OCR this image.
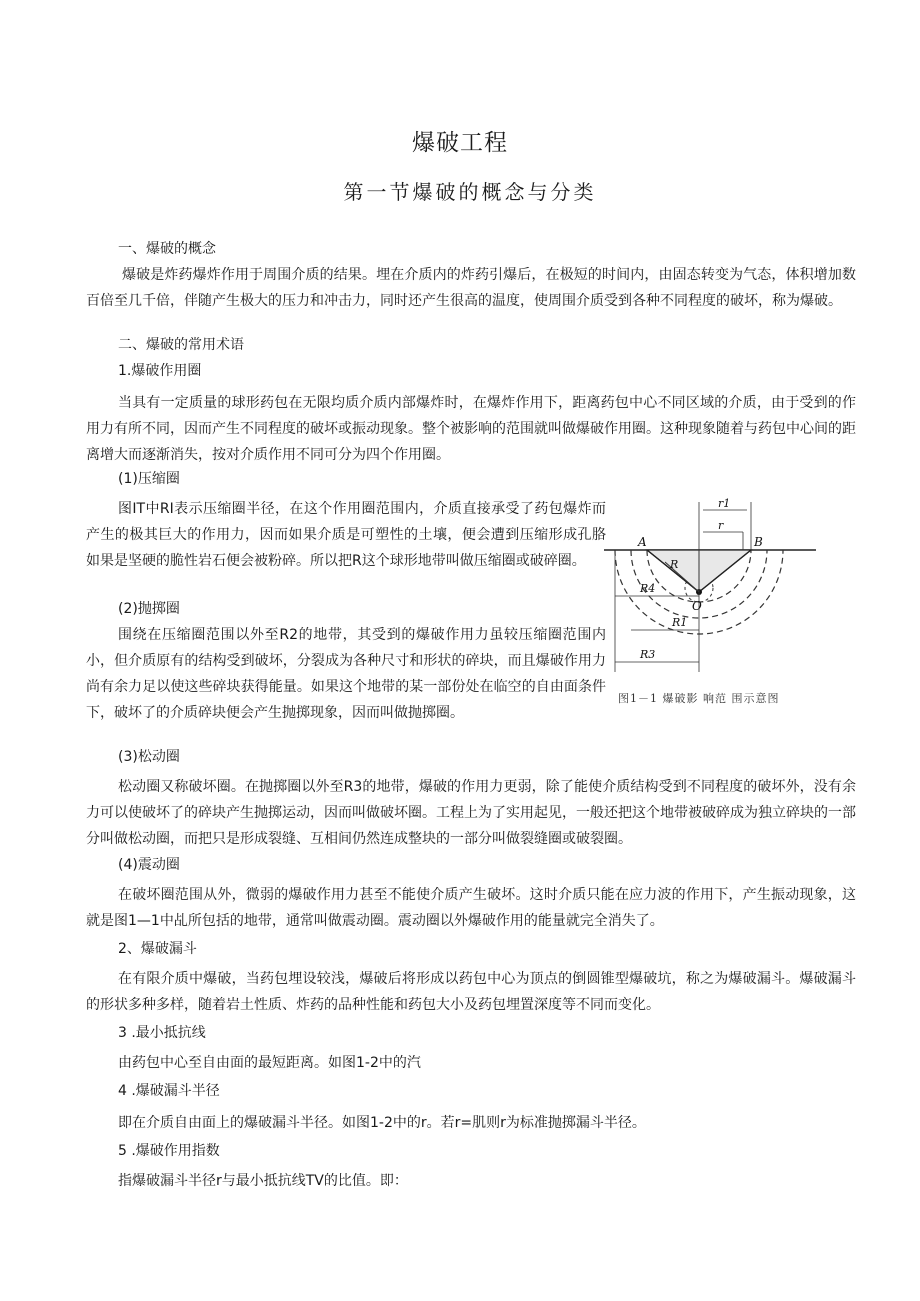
爆破工程
第一节爆破的概念与分类
一、爆破的概念
爆破是炸药爆炸作用于周围介质的结果。埋在介质内的炸药引爆后，在极短的时间内，由固态转变为气态，体积增加数百倍至几千倍，伴随产生极大的压力和冲击力，同时还产生很高的温度，使周围介质受到各种不同程度的破坏，称为爆破。
二、爆破的常用术语
1.爆破作用圈
当具有一定质量的球形药包在无限均质介质内部爆炸时，在爆炸作用下，距离药包中心不同区域的介质，由于受到的作用力有所不同，因而产生不同程度的破坏或振动现象。整个被影响的范围就叫做爆破作用圈。这种现象随着与药包中心间的距离增大而逐渐消失，按对介质作用不同可分为四个作用圈。
(1)压缩圈
图IT中RI表示压缩圈半径，在这个作用圈范围内，介质直接承受了药包爆炸而产生的极其巨大的作用力，因而如果介质是可塑性的土壤，便会遭到压缩形成孔胳 如果是坚硬的脆性岩石便会被粉碎。所以把R这个球形地带叫做压缩圈或破碎圈。
(2)抛掷圈
围绕在压缩圈范围以外至R2的地带，其受到的爆破作用力虽较压缩圈范围内小，但介质原有的结构受到破坏，分裂成为各种尺寸和形状的碎块，而且爆破作用力尚有余力足以使这些碎块获得能量。如果这个地带的某一部份处在临空的自由面条件下，破坏了的介质碎块便会产生抛掷现象，因而叫做抛掷圈。
(3)松动圈
松动圈又称破坏圈。在抛掷圈以外至R3的地带，爆破的作用力更弱，除了能使介质结构受到不同程度的破坏外，没有余力可以使破坏了的碎块产生抛掷运动，因而叫做破坏圈。工程上为了实用起见，一般还把这个地带被破碎成为独立碎块的一部分叫做松动圈，而把只是形成裂缝、互相间仍然连成整块的一部分叫做裂缝圈或破裂圈。
(4)震动圈
在破坏圈范围从外，微弱的爆破作用力甚至不能使介质产生破坏。这时介质只能在应力波的作用下，产生振动现象，这就是图1—1中乩所包括的地带，通常叫做震动圈。震动圈以外爆破作用的能量就完全消失了。
2、爆破漏斗
在有限介质中爆破，当药包埋设较浅，爆破后将形成以药包中心为顶点的倒圆锥型爆破坑，称之为爆破漏斗。爆破漏斗的形状多种多样，随着岩土性质、炸药的品种性能和药包大小及药包埋置深度等不同而变化。
3 .最小抵抗线
由药包中心至自由面的最短距离。如图1-2中的汽
4 .爆破漏斗半径
即在介质自由面上的爆破漏斗半径。如图1-2中的r。若r=肌则r为标准抛掷漏斗半径。
5 .爆破作用指数
指爆破漏斗半径r与最小抵抗线TV的比值。即：
A	B
O
r1
r
R
R4
R1
R3
图1－1 爆破影 响范 围示意图
